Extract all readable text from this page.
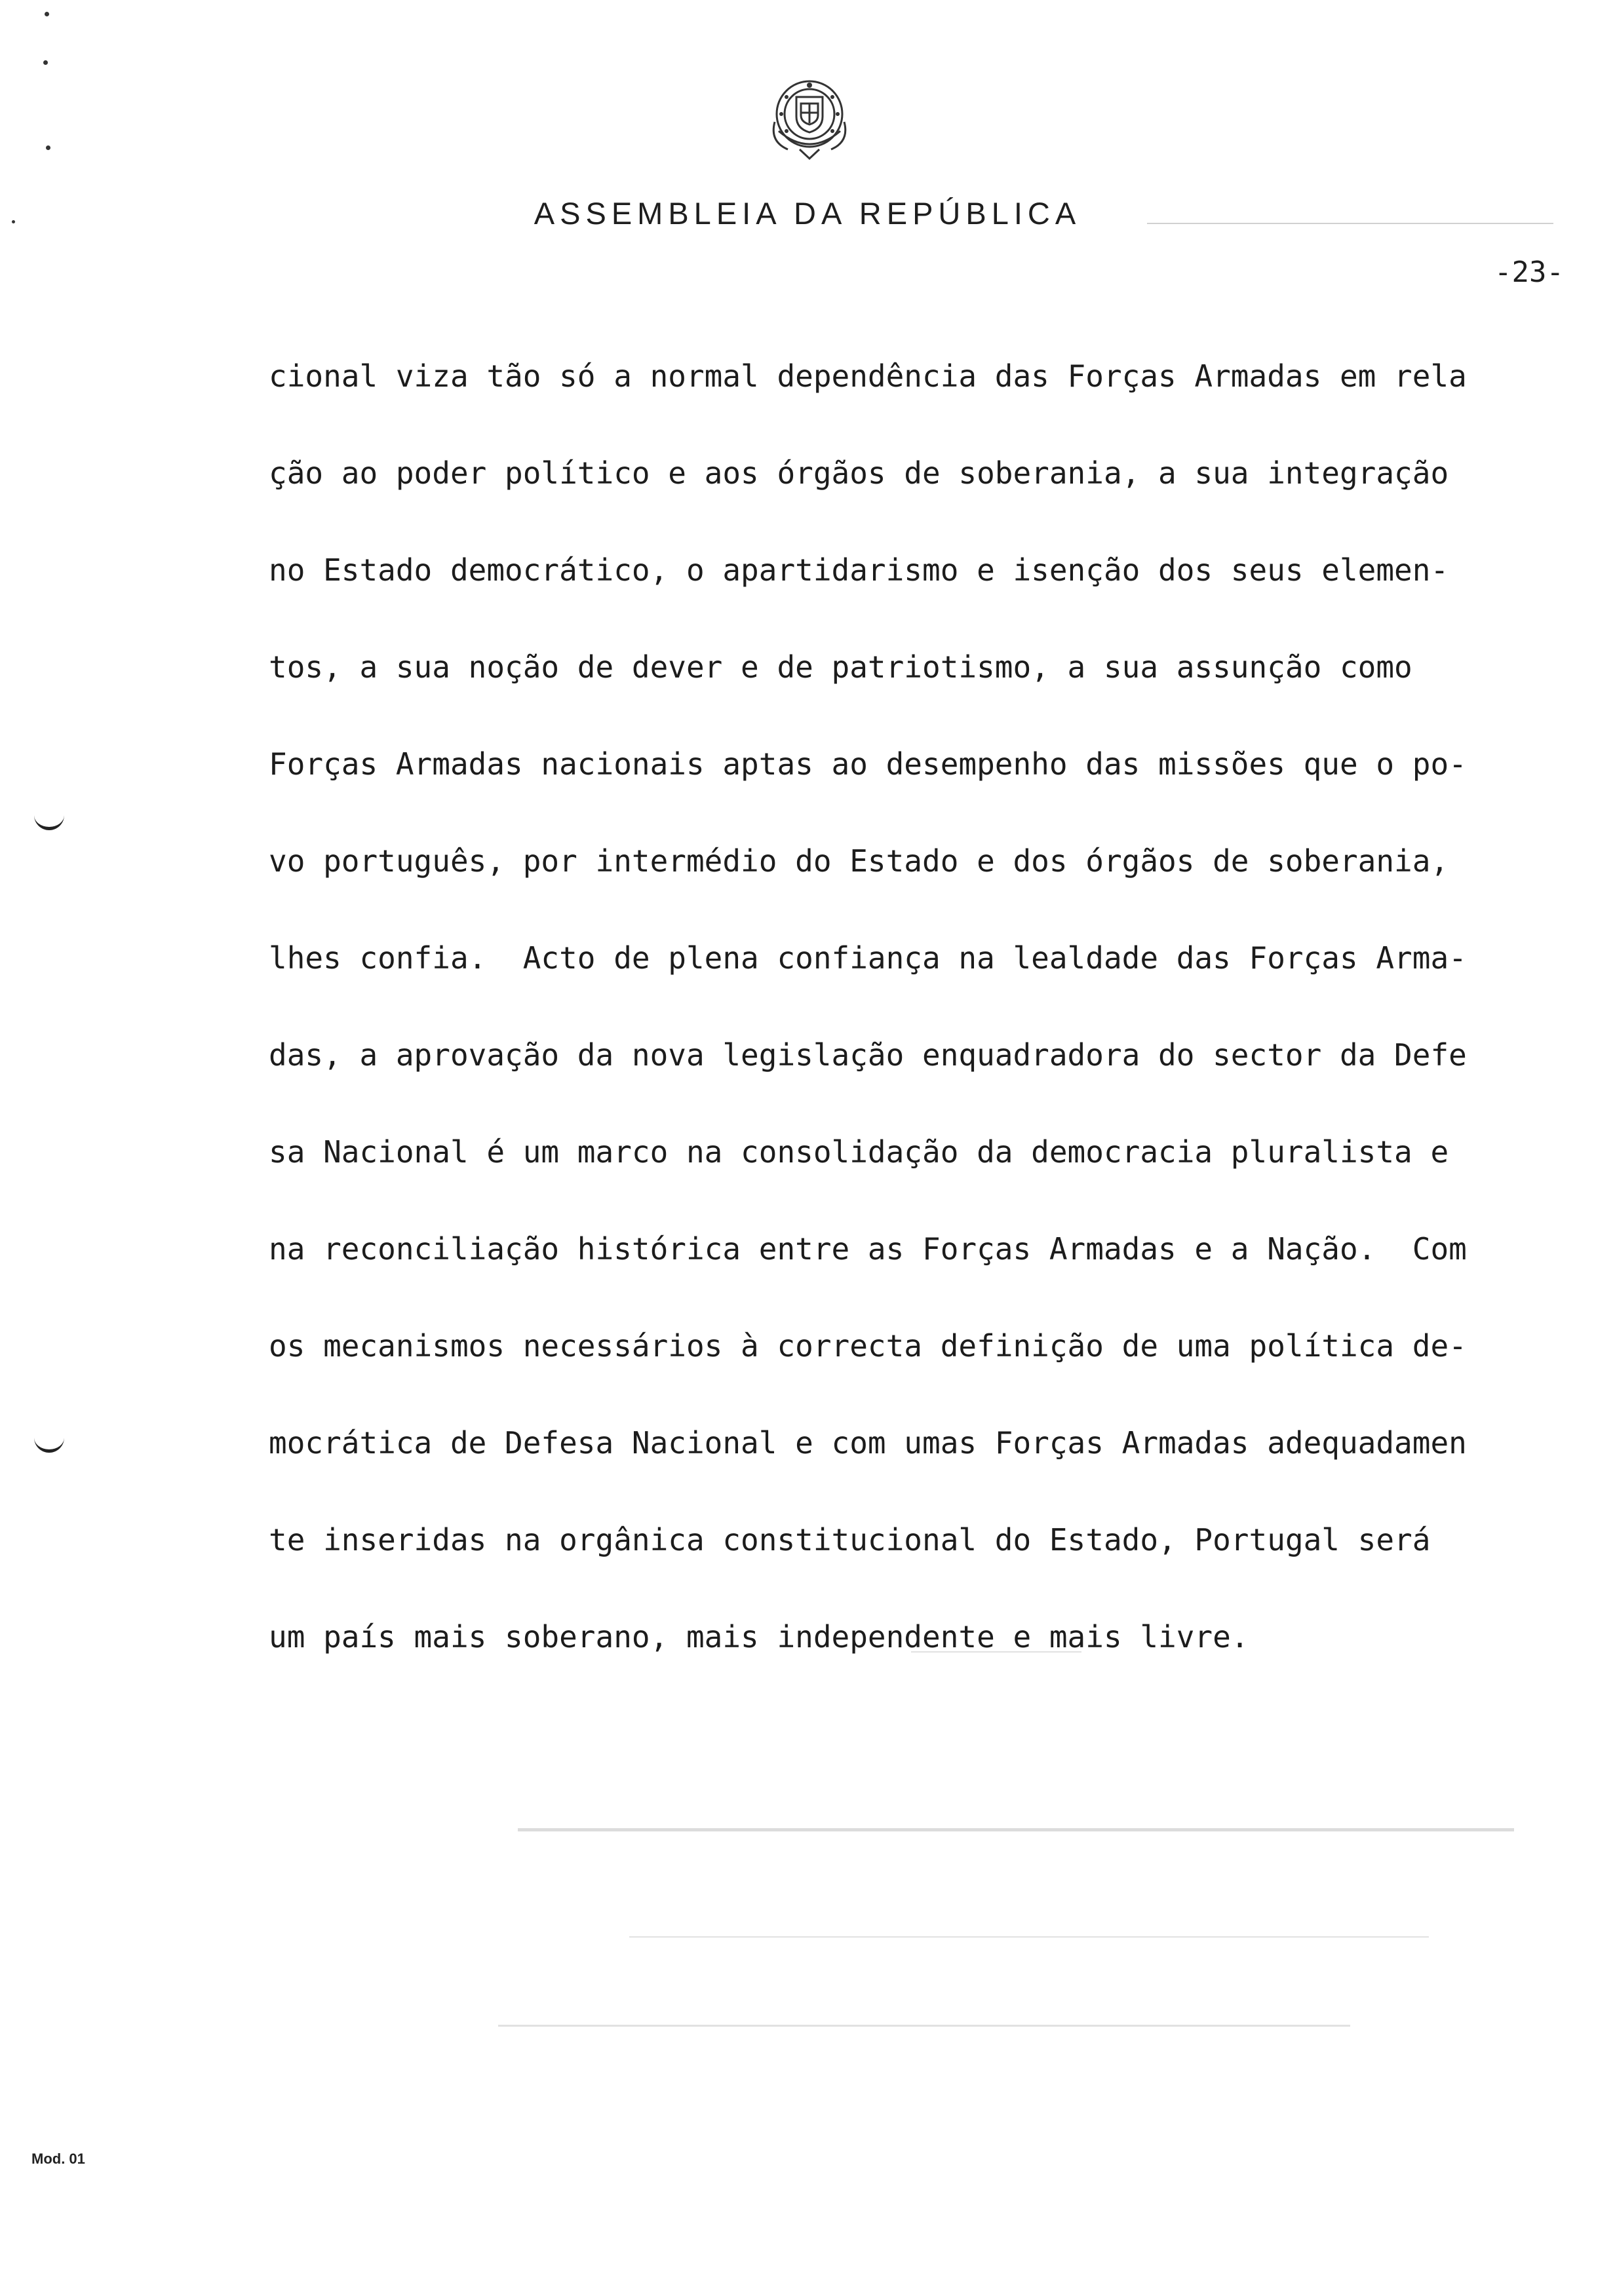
ASSEMBLEIA DA REPÚBLICA
-23-
cional viza tão só a normal dependência das Forças Armadas em rela
ção ao poder político e aos órgãos de soberania, a sua integração
no Estado democrático, o apartidarismo e isenção dos seus elemen-
tos, a sua noção de dever e de patriotismo, a sua assunção como
Forças Armadas nacionais aptas ao desempenho das missões que o po-
vo português, por intermédio do Estado e dos órgãos de soberania,
lhes confia.  Acto de plena confiança na lealdade das Forças Arma-
das, a aprovação da nova legislação enquadradora do sector da Defe
sa Nacional é um marco na consolidação da democracia pluralista e
na reconciliação histórica entre as Forças Armadas e a Nação.  Com
os mecanismos necessários à correcta definição de uma política de-
mocrática de Defesa Nacional e com umas Forças Armadas adequadamen
te inseridas na orgânica constitucional do Estado, Portugal será
um país mais soberano, mais independente e mais livre.
Mod. 01
